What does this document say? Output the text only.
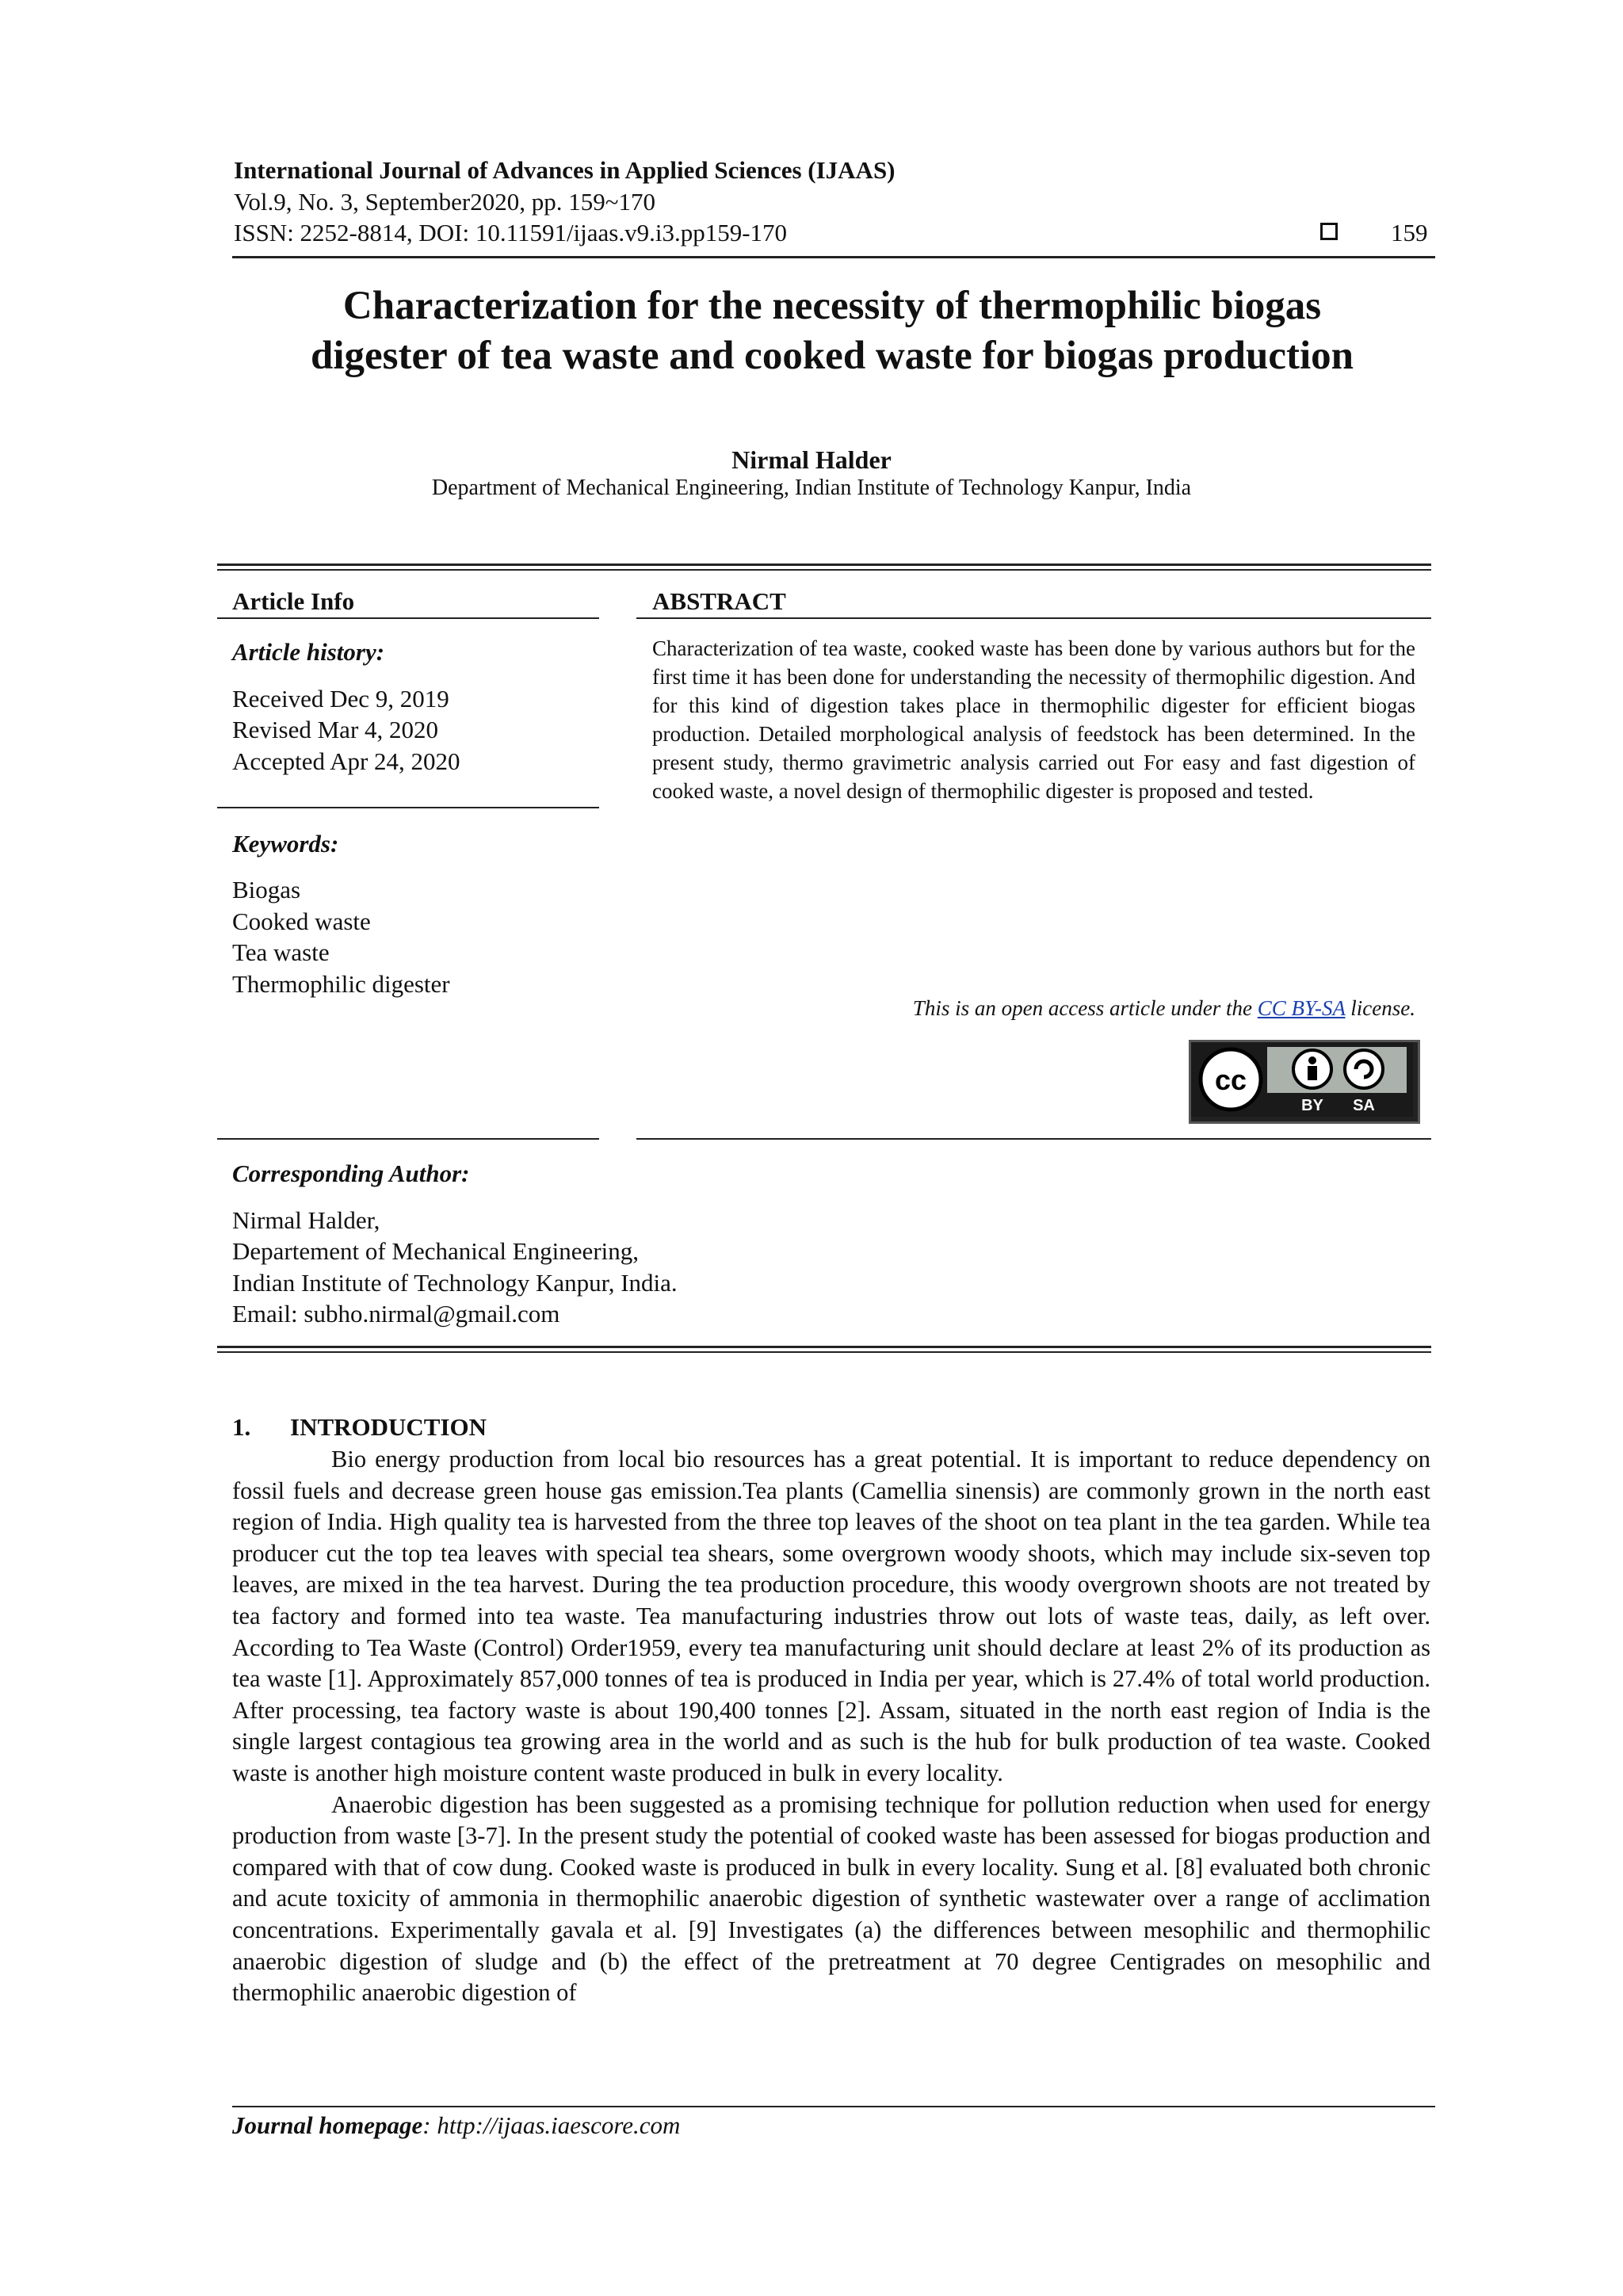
International Journal of Advances in Applied Sciences (IJAAS)
Vol.9, No. 3, September2020, pp. 159~170
ISSN: 2252-8814, DOI: 10.11591/ijaas.v9.i3.pp159-170	159
Characterization for the necessity of thermophilic biogas
digester of tea waste and cooked waste for biogas production
Nirmal Halder
Department of Mechanical Engineering, Indian Institute of Technology Kanpur, India
Article Info
Article history:
Received Dec 9, 2019
Revised Mar 4, 2020
Accepted Apr 24, 2020
Keywords:
Biogas
Cooked waste
Tea waste
Thermophilic digester
ABSTRACT
Characterization of tea waste, cooked waste has been done by various authors but for the first time it has been done for understanding the necessity of thermophilic digestion. And for this kind of digestion takes place in thermophilic digester for efficient biogas production. Detailed morphological analysis of feedstock has been determined. In the present study, thermo gravimetric analysis carried out For easy and fast digestion of cooked waste, a novel design of thermophilic digester is proposed and tested.
This is an open access article under the CC BY-SA license.
cc
BY SA
Corresponding Author:
Nirmal Halder,
Departement of Mechanical Engineering,
Indian Institute of Technology Kanpur, India.
Email: subho.nirmal@gmail.com
1. INTRODUCTION

Bio energy production from local bio resources has a great potential. It is important to reduce dependency on fossil fuels and decrease green house gas emission.Tea plants (Camellia sinensis) are commonly grown in the north east region of India. High quality tea is harvested from the three top leaves of the shoot on tea plant in the tea garden. While tea producer cut the top tea leaves with special tea shears, some overgrown woody shoots, which may include six-seven top leaves, are mixed in the tea harvest. During the tea production procedure, this woody overgrown shoots are not treated by tea factory and formed into tea waste. Tea manufacturing industries throw out lots of waste teas, daily, as left over. According to Tea Waste (Control) Order1959, every tea manufacturing unit should declare at least 2% of its production as tea waste [1]. Approximately 857,000 tonnes of tea is produced in India per year, which is 27.4% of total world production. After processing, tea factory waste is about 190,400 tonnes [2]. Assam, situated in the north east region of India is the single largest contagious tea growing area in the world and as such is the hub for bulk production of tea waste. Cooked waste is another high moisture content waste produced in bulk in every locality.

Anaerobic digestion has been suggested as a promising technique for pollution reduction when used for energy production from waste [3-7]. In the present study the potential of cooked waste has been assessed for biogas production and compared with that of cow dung. Cooked waste is produced in bulk in every locality. Sung et al. [8] evaluated both chronic and acute toxicity of ammonia in thermophilic anaerobic digestion of synthetic wastewater over a range of acclimation concentrations. Experimentally gavala et al. [9] Investigates (a) the differences between mesophilic and thermophilic anaerobic digestion of sludge and (b) the effect of the pretreatment at 70 degree Centigrades on mesophilic and thermophilic anaerobic digestion of

Journal homepage: http://ijaas.iaescore.com
